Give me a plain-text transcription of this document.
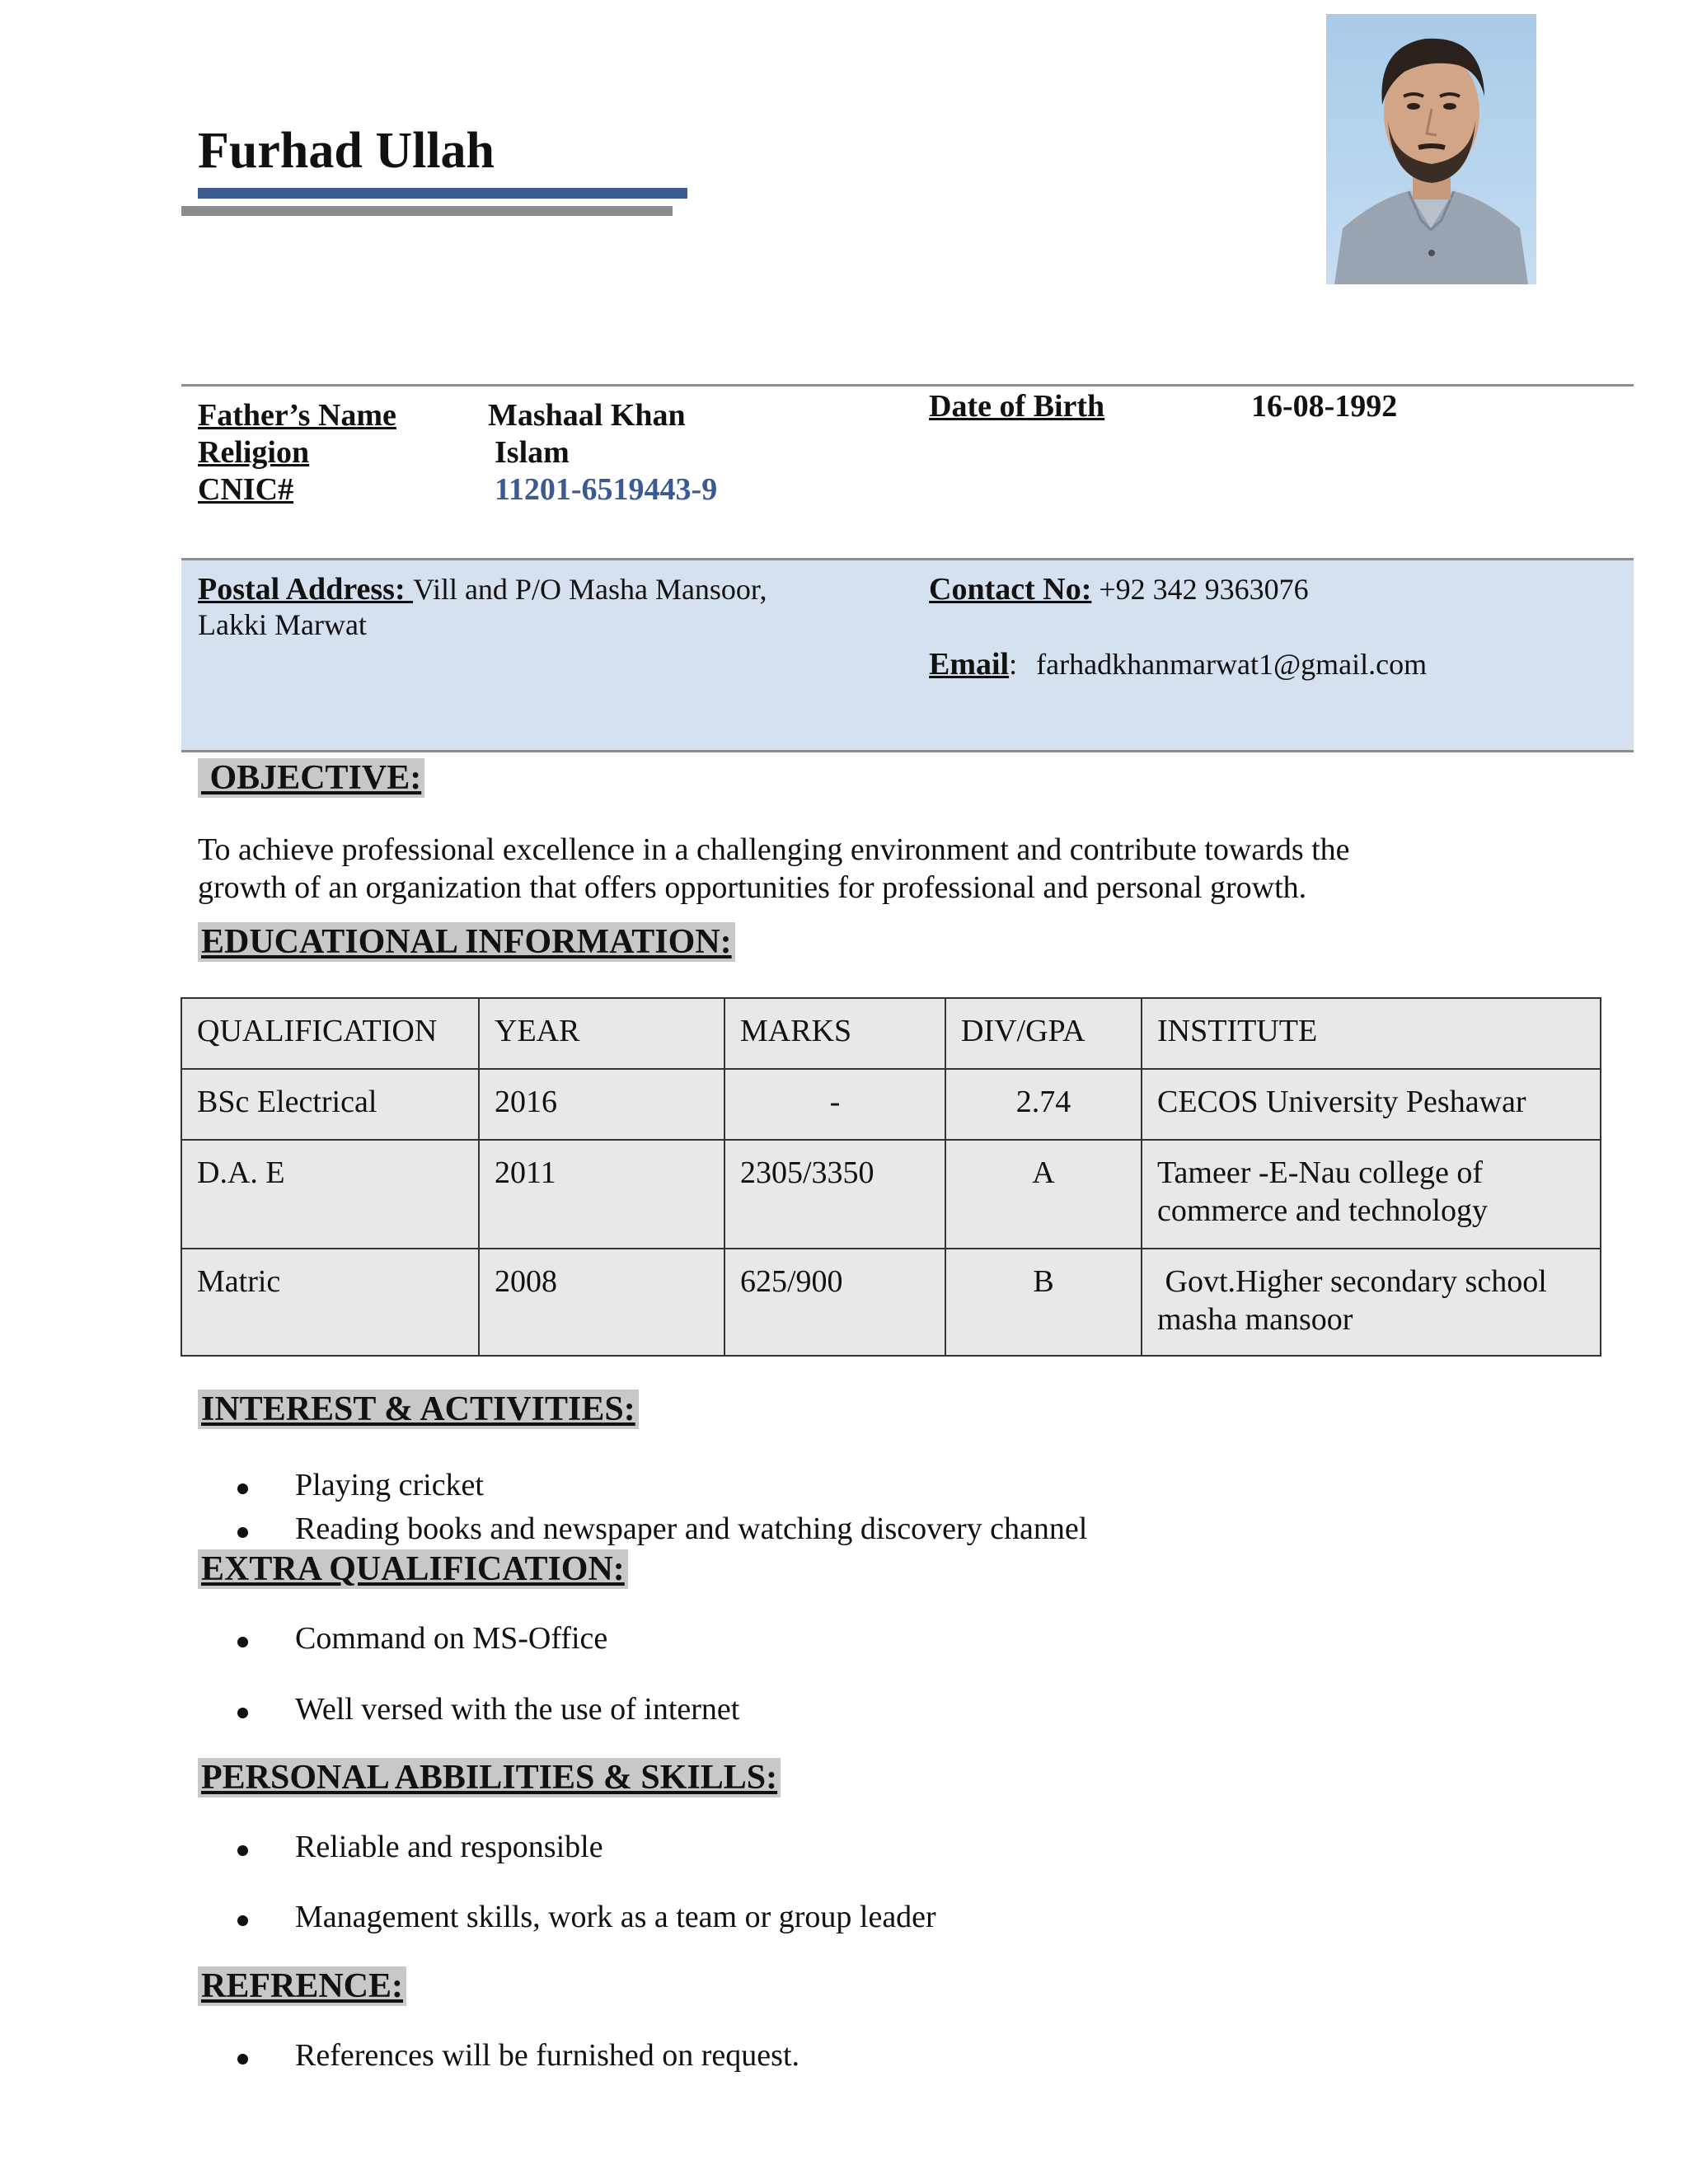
Furhad Ullah
Father’s Name	Mashaal Khan
Religion	Islam
CNIC#	11201-6519443-9
Date of Birth	16-08-1992
Postal Address: Vill and P/O Masha Mansoor,
Lakki Marwat
Contact No: +92 342 9363076
Email: farhadkhanmarwat1@gmail.com
OBJECTIVE:
To achieve professional excellence in a challenging environment and contribute towards the
growth of an organization that offers opportunities for professional and personal growth.
EDUCATIONAL INFORMATION:
QUALIFICATION	YEAR	MARKS	DIV/GPA	INSTITUTE
BSc Electrical	2016	-	2.74	CECOS University Peshawar
D.A. E	2011	2305/3350	A	Tameer -E-Nau college of commerce and technology
Matric	2008	625/900	B	Govt.Higher secondary school masha mansoor
INTEREST & ACTIVITIES:
Playing cricket
Reading books and newspaper and watching discovery channel
EXTRA QUALIFICATION:
Command on MS-Office
Well versed with the use of internet
PERSONAL ABBILITIES & SKILLS:
Reliable and responsible
Management skills, work as a team or group leader
REFRENCE:
References will be furnished on request.
